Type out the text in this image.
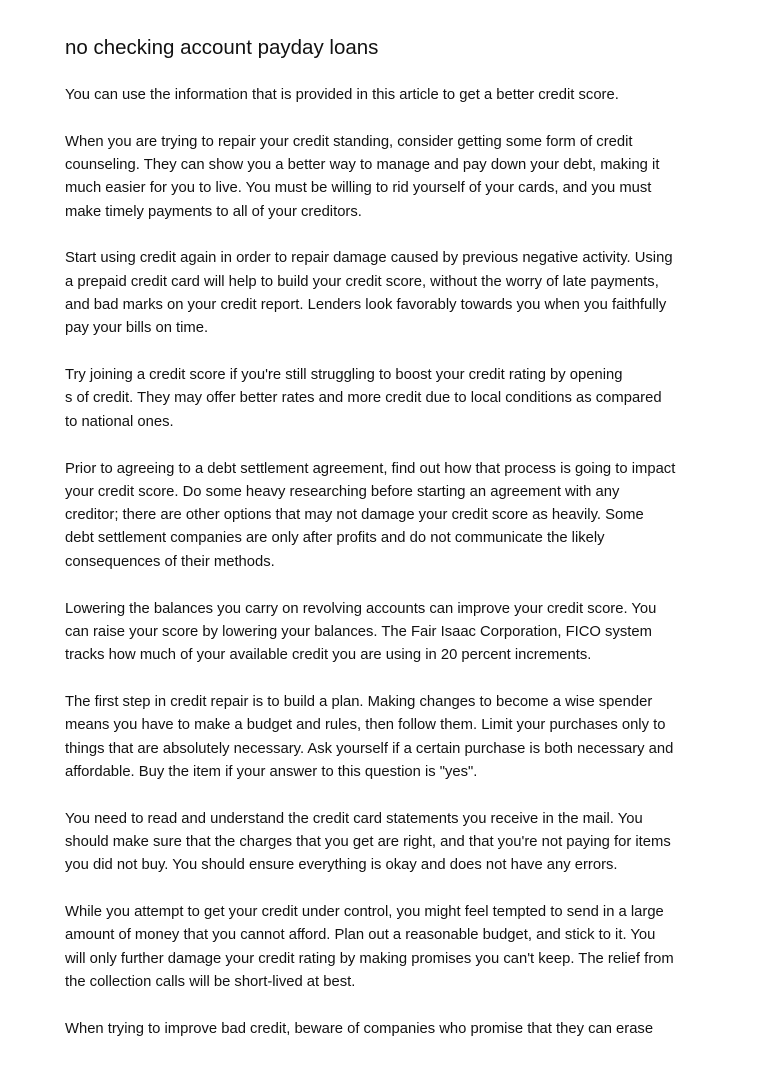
no checking account payday loans

You can use the information that is provided in this article to get a better credit score.

When you are trying to repair your credit standing, consider getting some form of credit
counseling. They can show you a better way to manage and pay down your debt, making it
much easier for you to live. You must be willing to rid yourself of your cards, and you must
make timely payments to all of your creditors.

Start using credit again in order to repair damage caused by previous negative activity. Using
a prepaid credit card will help to build your credit score, without the worry of late payments,
and bad marks on your credit report. Lenders look favorably towards you when you faithfully
pay your bills on time.

Try joining a credit score if you're still struggling to boost your credit rating by opening
s of credit. They may offer better rates and more credit due to local conditions as compared
to national ones.

Prior to agreeing to a debt settlement agreement, find out how that process is going to impact
your credit score. Do some heavy researching before starting an agreement with any
creditor; there are other options that may not damage your credit score as heavily. Some
debt settlement companies are only after profits and do not communicate the likely
consequences of their methods.

Lowering the balances you carry on revolving accounts can improve your credit score. You
can raise your score by lowering your balances. The Fair Isaac Corporation, FICO system
tracks how much of your available credit you are using in 20 percent increments.

The first step in credit repair is to build a plan. Making changes to become a wise spender
means you have to make a budget and rules, then follow them. Limit your purchases only to
things that are absolutely necessary. Ask yourself if a certain purchase is both necessary and
affordable. Buy the item if your answer to this question is "yes".

You need to read and understand the credit card statements you receive in the mail. You
should make sure that the charges that you get are right, and that you're not paying for items
you did not buy. You should ensure everything is okay and does not have any errors.

While you attempt to get your credit under control, you might feel tempted to send in a large
amount of money that you cannot afford. Plan out a reasonable budget, and stick to it. You
will only further damage your credit rating by making promises you can't keep. The relief from
the collection calls will be short-lived at best.

When trying to improve bad credit, beware of companies who promise that they can erase
